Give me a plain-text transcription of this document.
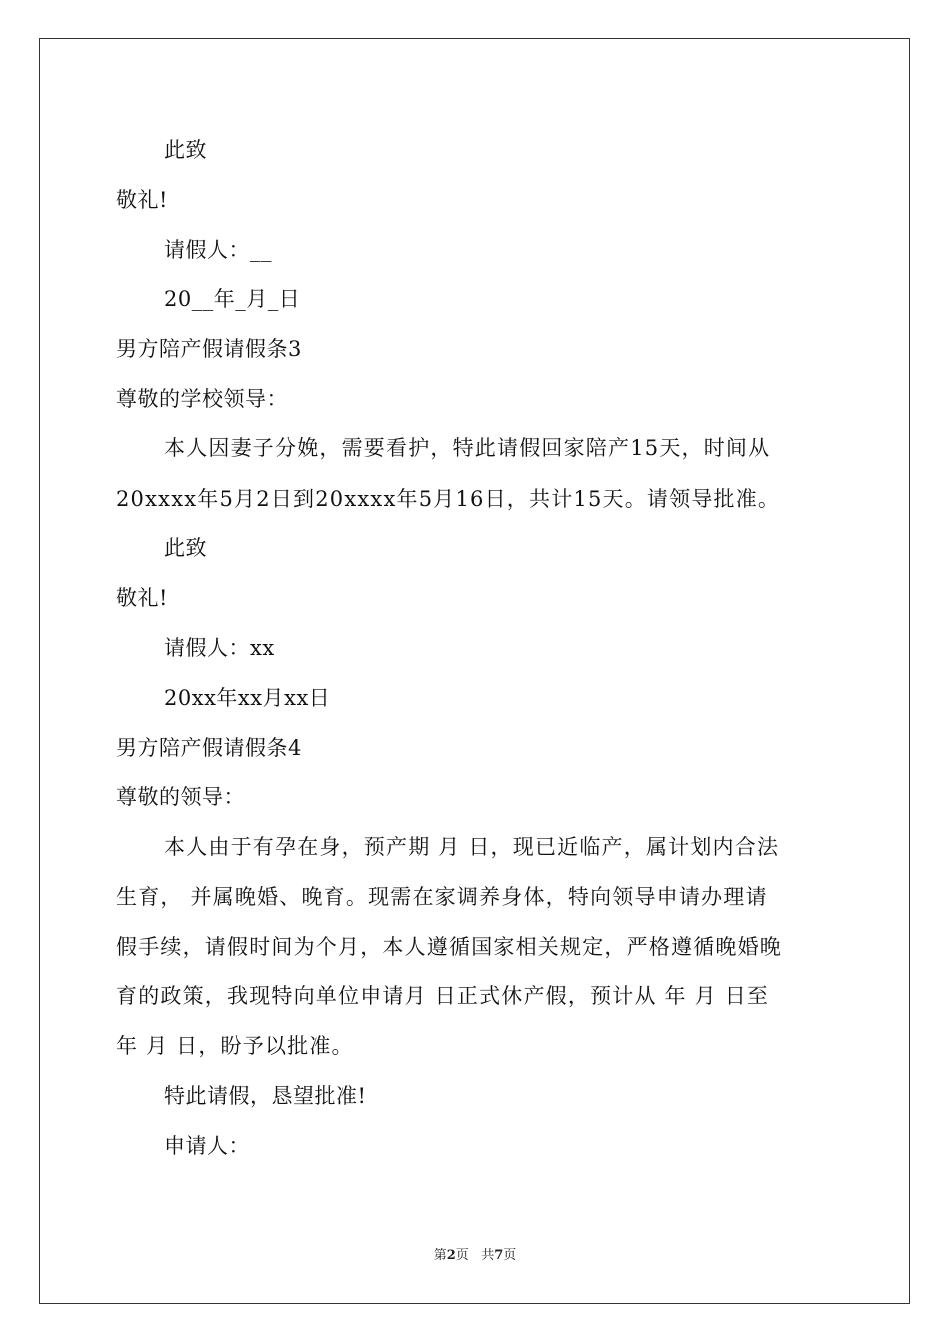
此致
敬礼!
请假人：__
20__年_月_日
男方陪产假请假条3
尊敬的学校领导：
本人因妻子分娩，需要看护，特此请假回家陪产15天，时间从
20xxxx年5月2日到20xxxx年5月16日，共计15天。请领导批准。
此致
敬礼!
请假人：xx
20xx年xx月xx日
男方陪产假请假条4
尊敬的领导：
本人由于有孕在身，预产期 月 日，现已近临产，属计划内合法
生育， 并属晚婚、晚育。现需在家调养身体，特向领导申请办理请
假手续，请假时间为个月，本人遵循国家相关规定，严格遵循晚婚晚
育的政策，我现特向单位申请月 日正式休产假，预计从 年 月 日至
年 月 日，盼予以批准。
特此请假，恳望批准!
申请人：
第2页 共7页
